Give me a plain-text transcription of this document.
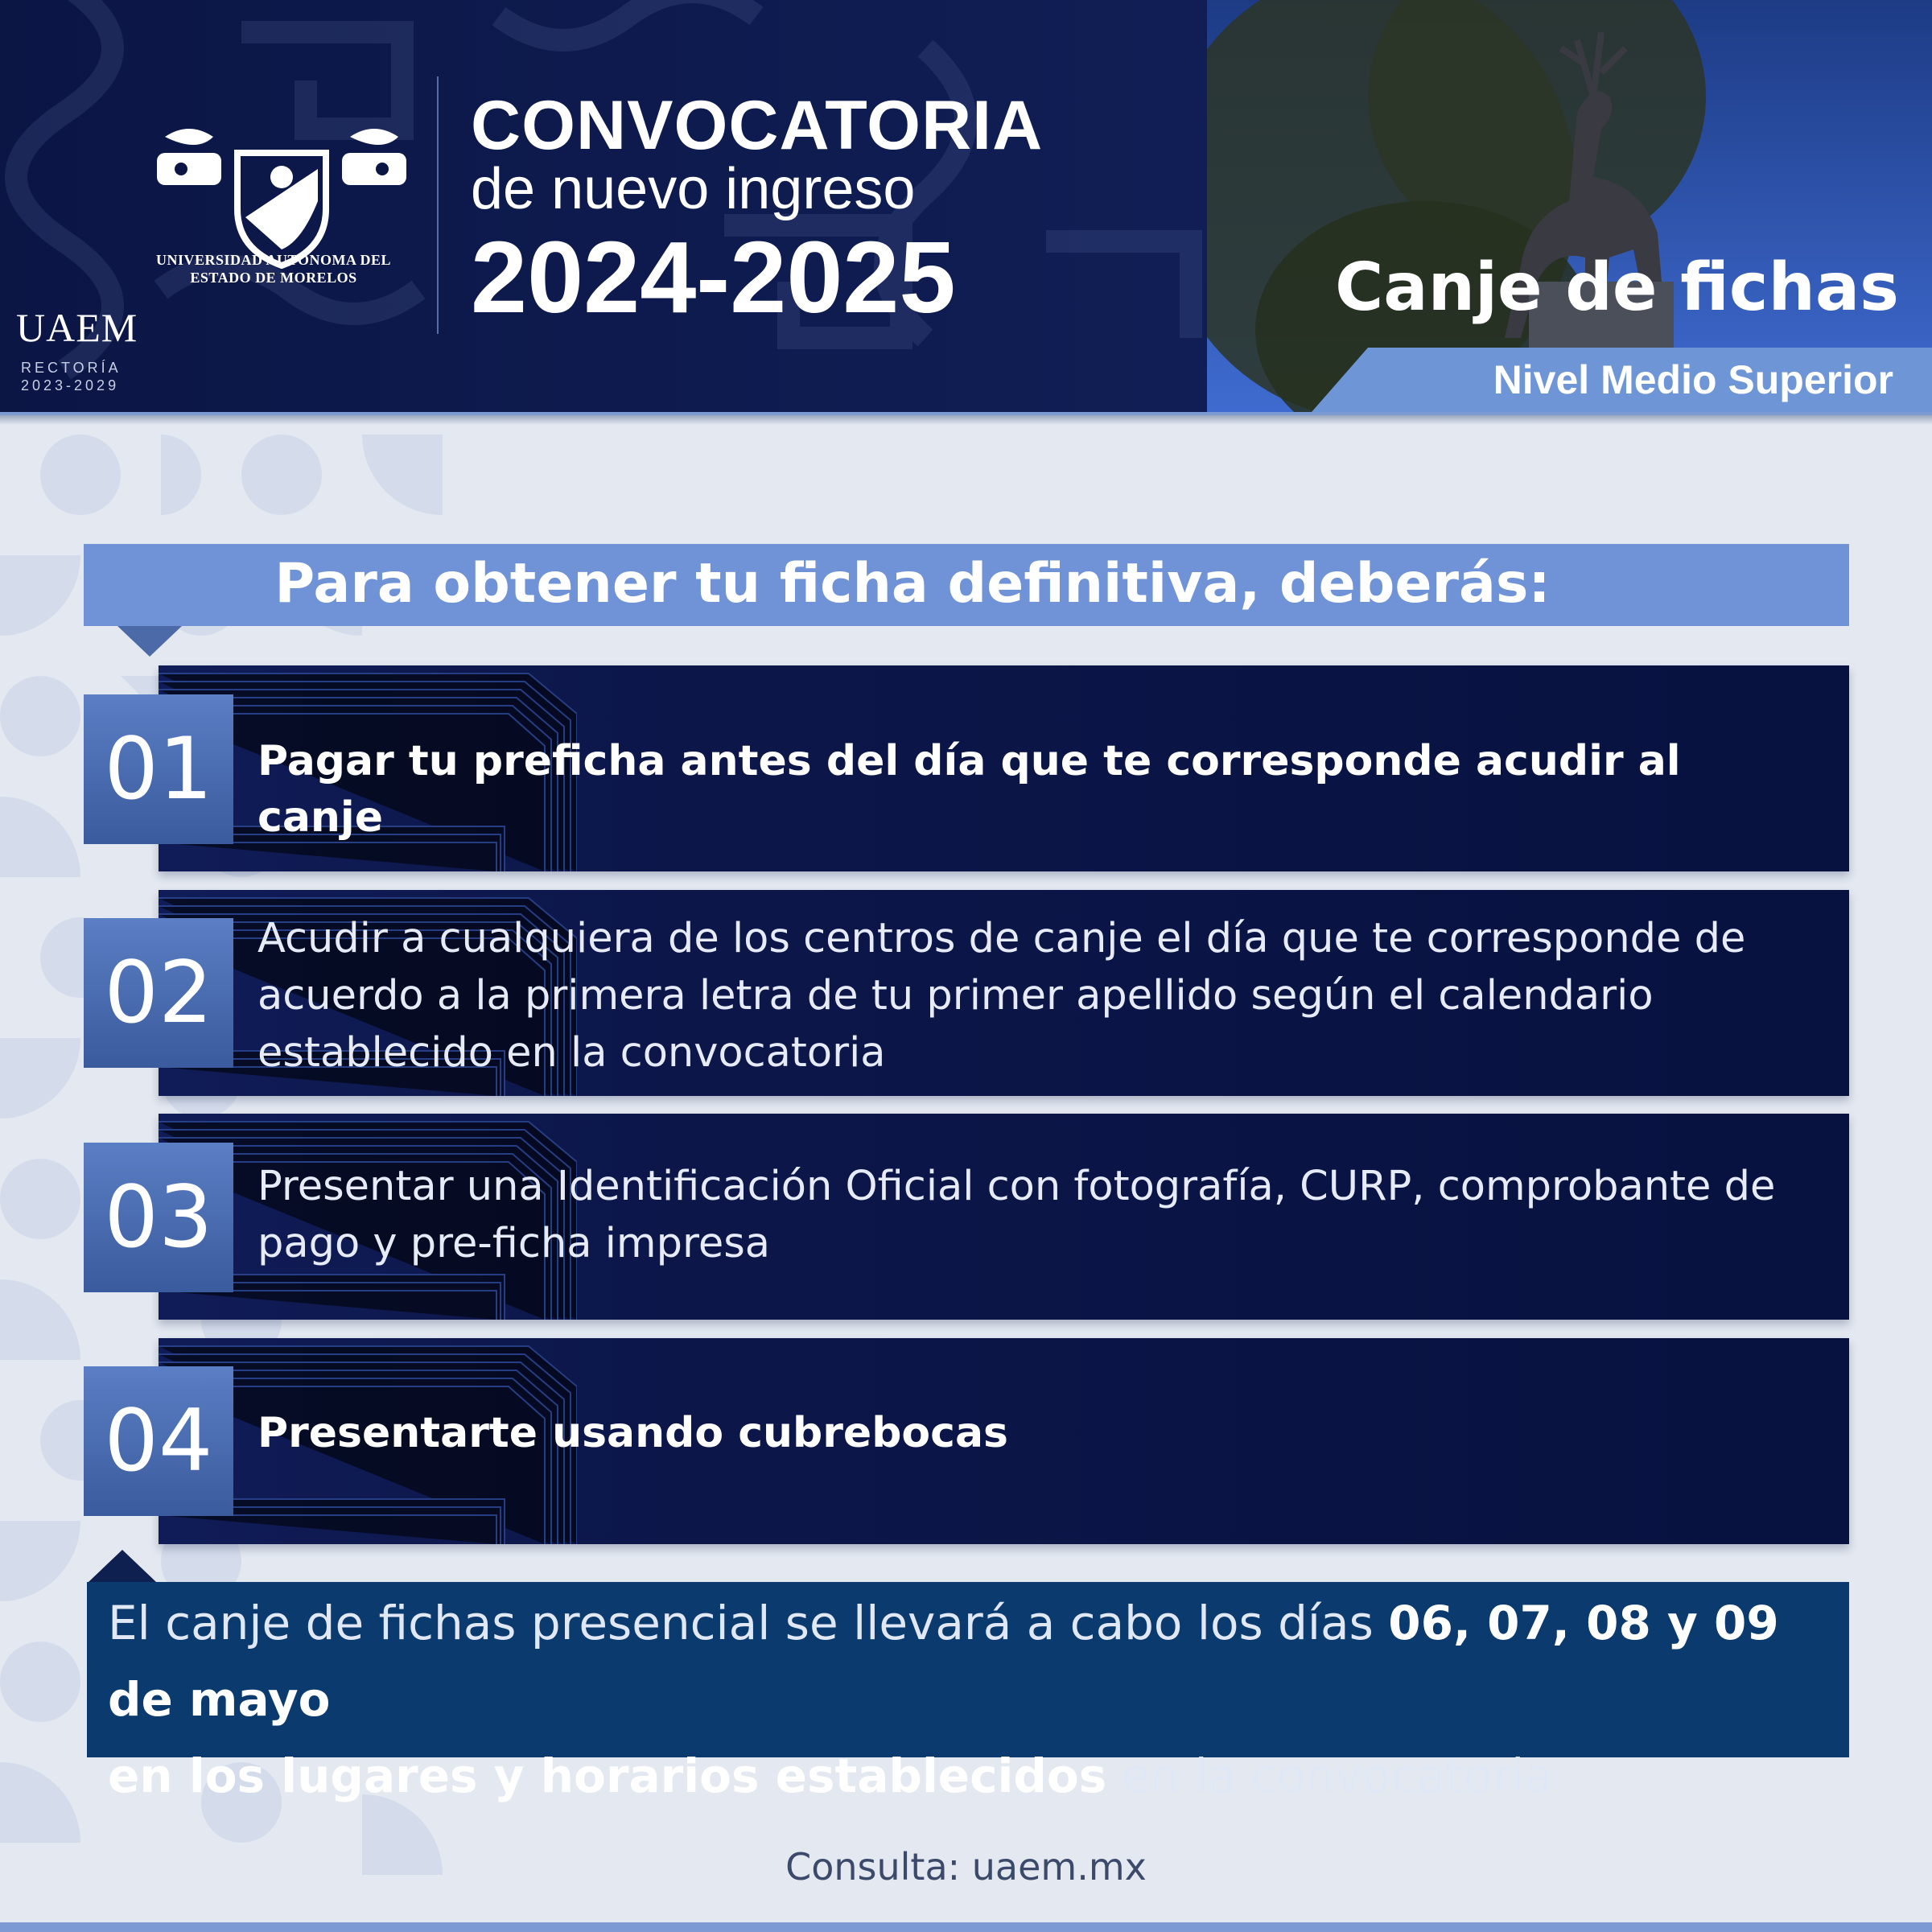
UNIVERSIDAD AUTÓNOMA DEL
ESTADO DE MORELOS
UAEM
RECTORÍA
2023-2029
CONVOCATORIA
de nuevo ingreso
2024-2025	Canje de fichas
Nivel Medio Superior
Para obtener tu ficha definitiva, deberás:
01	Pagar tu preficha antes del día que te corresponde acudir al canje
02
Acudir a cualquiera de los centros de canje el día que te corresponde de
acuerdo a la primera letra de tu primer apellido según el calendario
establecido en la convocatoria
03	Presentar una Identificación Oficial con fotografía, CURP, comprobante de
pago y pre-ficha impresa
04	Presentarte usando cubrebocas
El canje de fichas presencial se llevará a cabo los días 06, 07, 08 y 09 de mayo
en los lugares y horarios establecidos en la convocatoria
Consulta: uaem.mx
